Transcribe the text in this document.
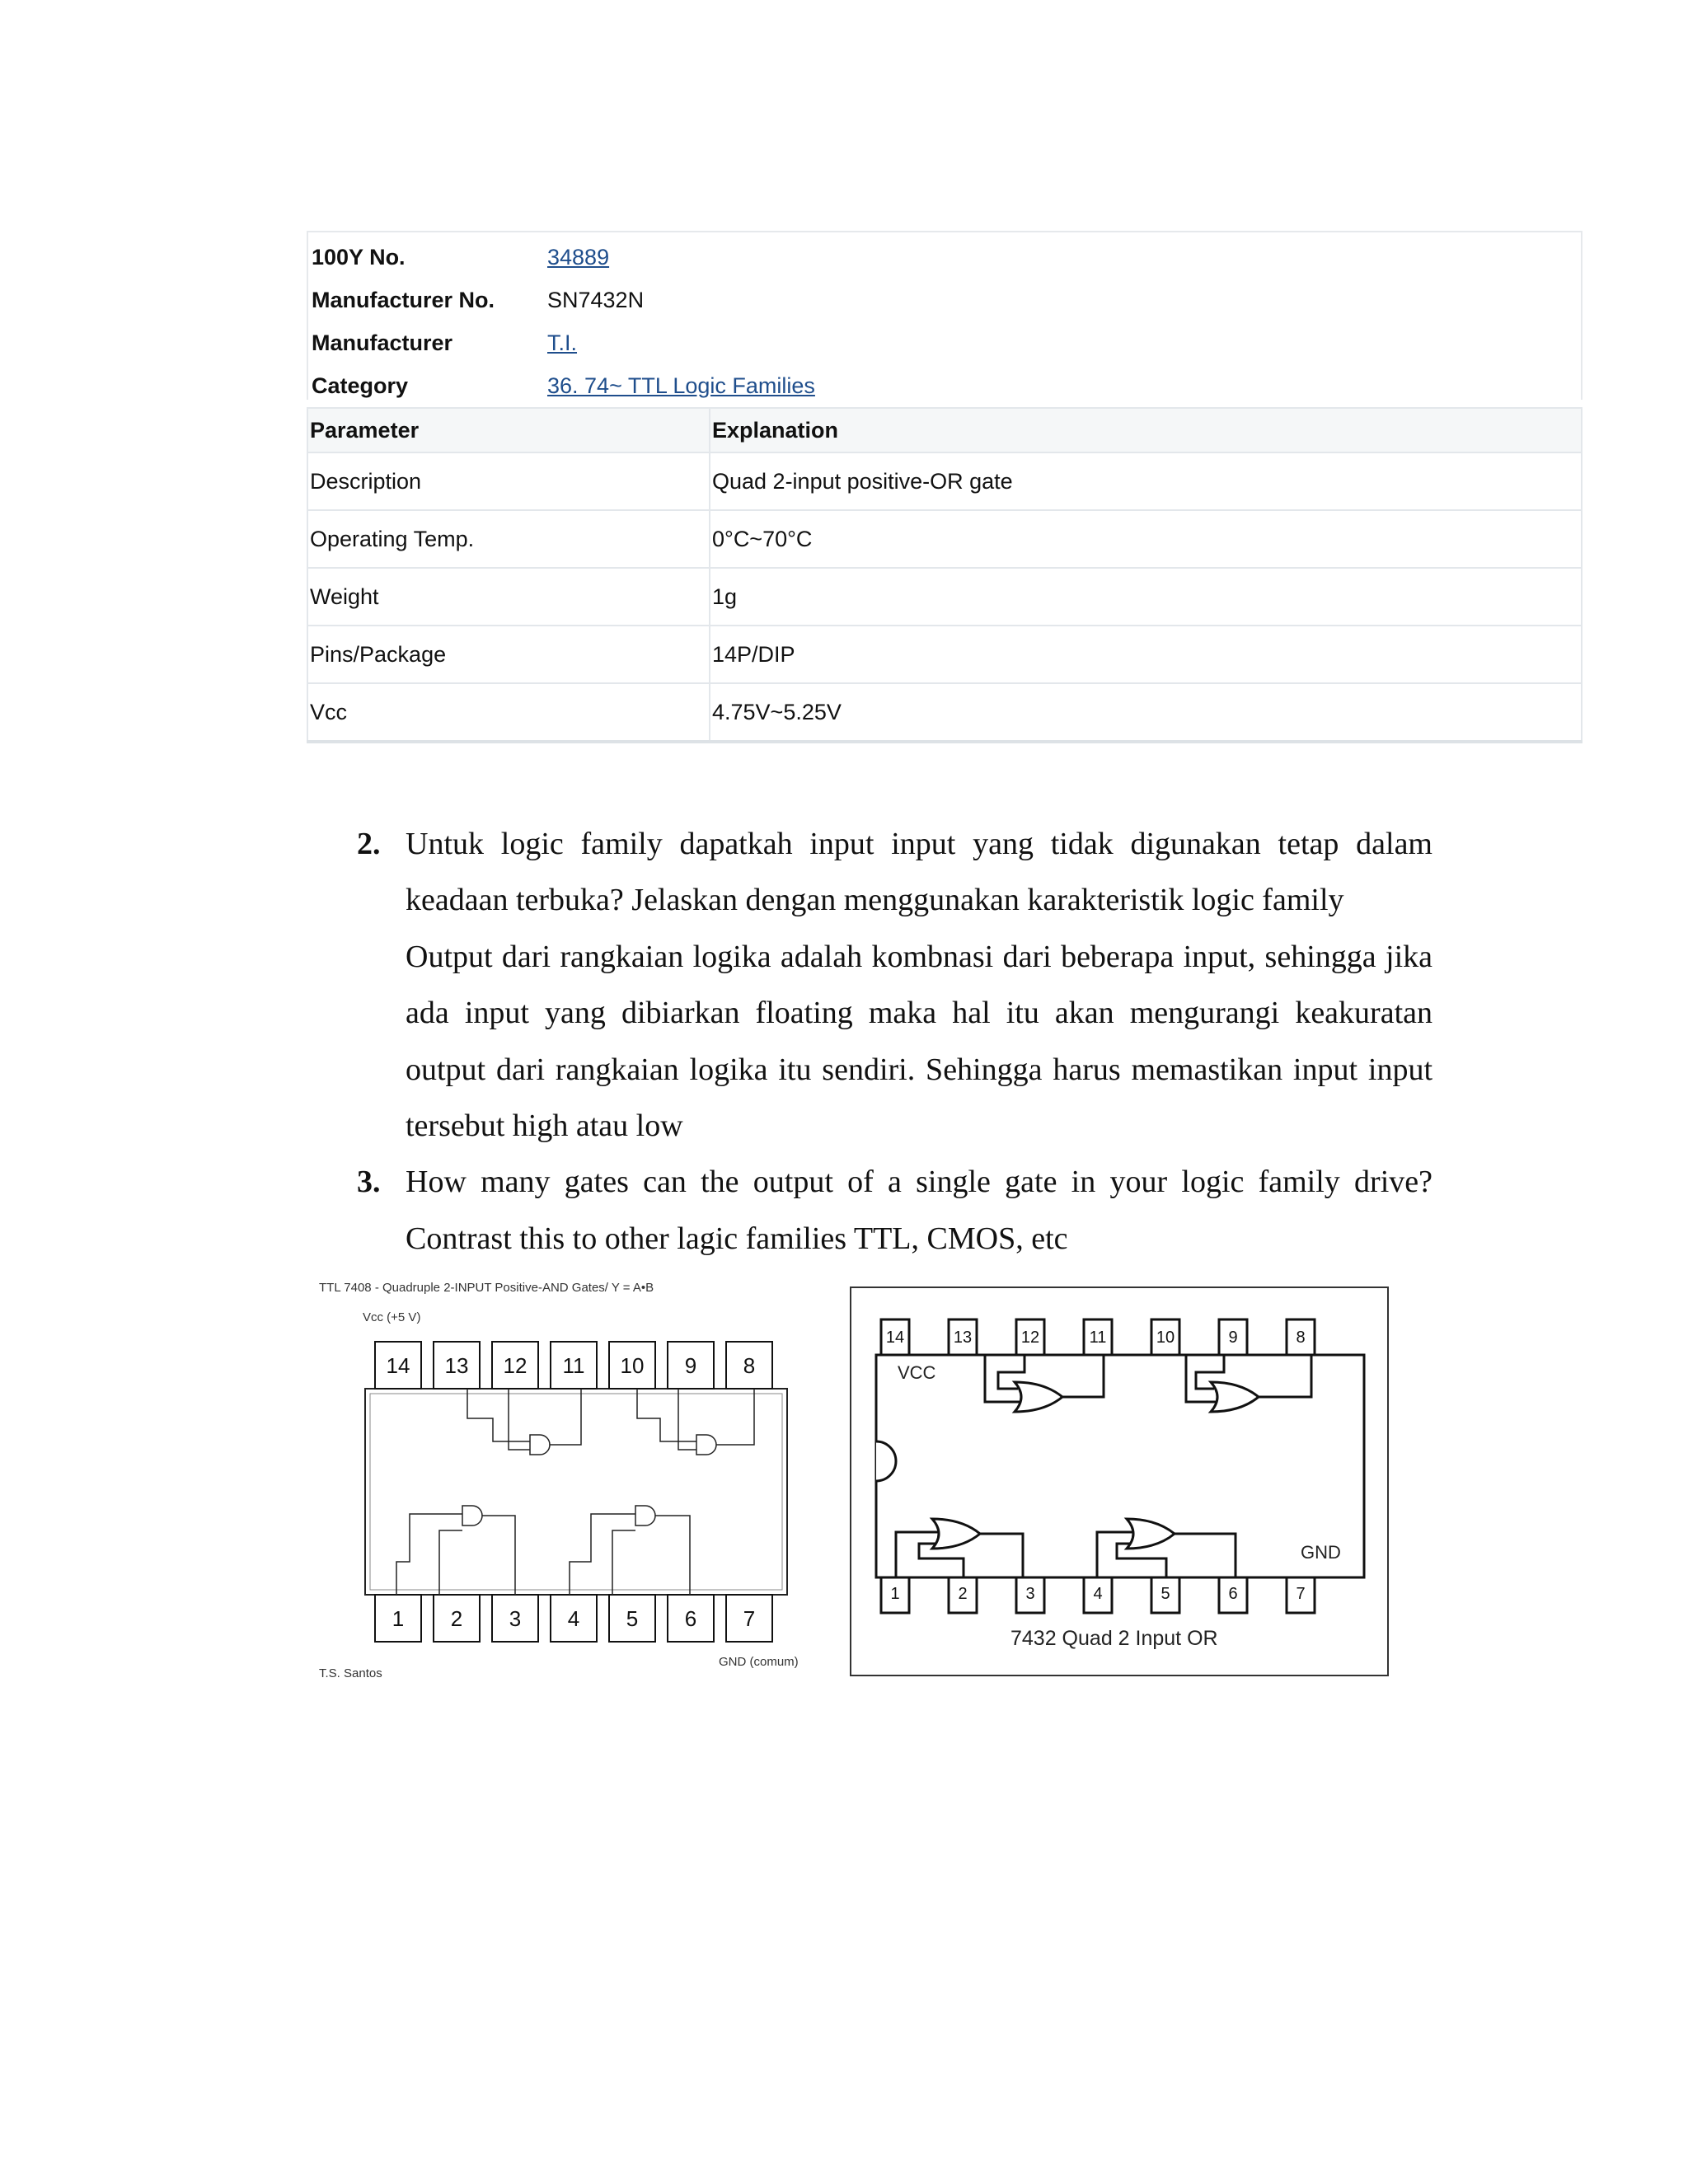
100Y No.	34889
Manufacturer No. SN7432N
Manufacturer	T.I.
Category	36. 74~ TTL Logic Families
Parameter	Explanation
Description	Quad 2-input positive-OR gate
Operating Temp.	0°C~70°C
Weight	1g
Pins/Package	14P/DIP
Vcc	4.75V~5.25V
2. Untuk logic family dapatkah input input yang tidak digunakan tetap dalam keadaan terbuka? Jelaskan dengan menggunakan karakteristik logic family
Output dari rangkaian logika adalah kombnasi dari beberapa input, sehingga jika ada input yang dibiarkan floating maka hal itu akan mengurangi keakuratan output dari rangkaian logika itu sendiri. Sehingga harus memastikan input input tersebut high atau low
3. How many gates can the output of a single gate in your logic family drive? Contrast this to other lagic families TTL, CMOS, etc
TTL 7408 - Quadruple 2-INPUT Positive-AND Gates/ Y = A•B
Vcc (+5 V)
14 13 12 11 10 9 8
1 2 3 4 5 6 7
GND (comum)
T.S. Santos
14	13	12	11	10	9	8
1	2	3	4	5	6	7
VCC
GND
7432 Quad 2 Input OR
